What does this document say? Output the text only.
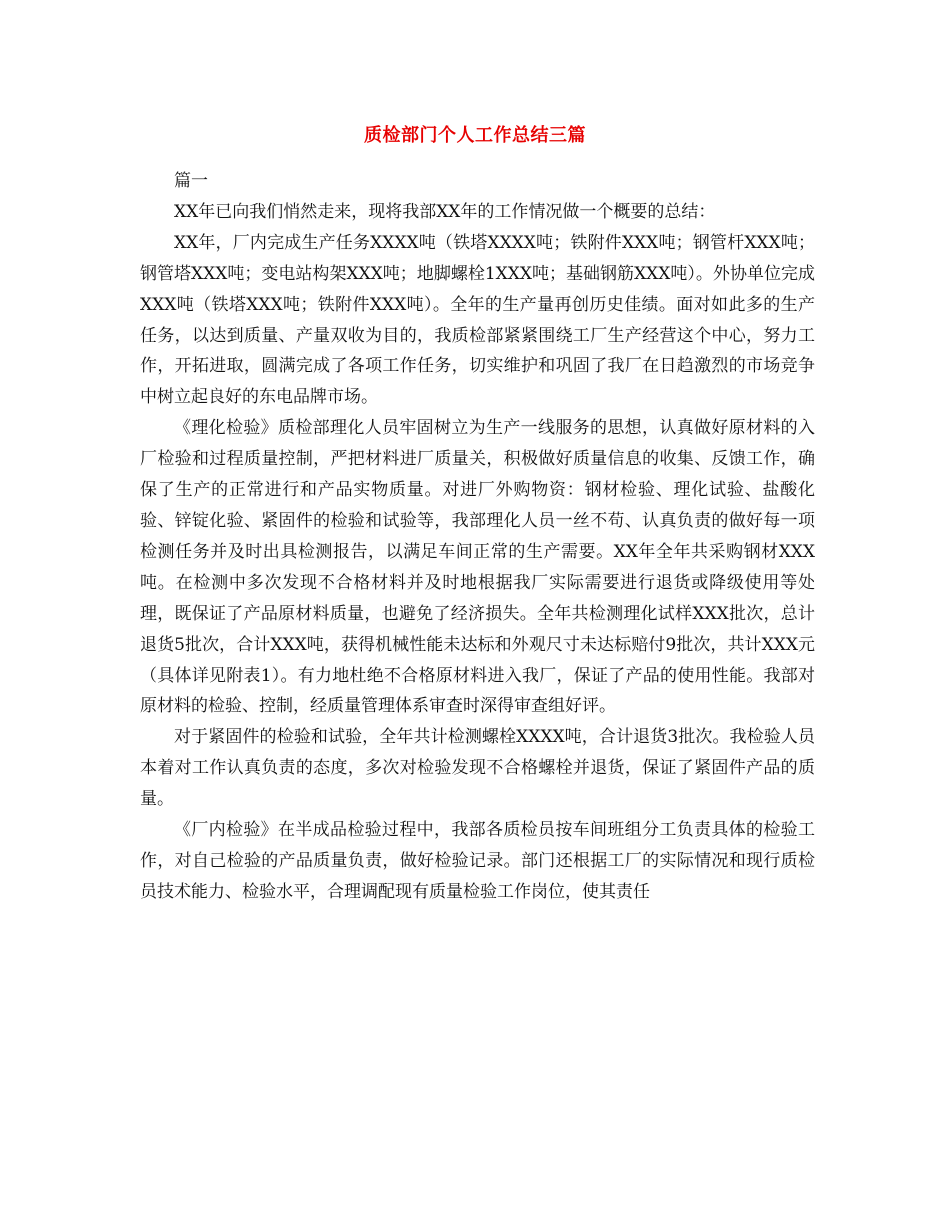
质检部门个人工作总结三篇

篇一

XX年已向我们悄然走来，现将我部XX年的工作情况做一个概要的总结：

XX年，厂内完成生产任务XXXX吨（铁塔XXXX吨；铁附件XXX吨；钢管杆XXX吨；钢管塔XXX吨；变电站构架XXX吨；地脚螺栓1XXX吨；基础钢筋XXX吨）。外协单位完成XXX吨（铁塔XXX吨；铁附件XXX吨）。全年的生产量再创历史佳绩。面对如此多的生产任务，以达到质量、产量双收为目的，我质检部紧紧围绕工厂生产经营这个中心，努力工作，开拓进取，圆满完成了各项工作任务，切实维护和巩固了我厂在日趋激烈的市场竞争中树立起良好的东电品牌市场。

《理化检验》质检部理化人员牢固树立为生产一线服务的思想，认真做好原材料的入厂检验和过程质量控制，严把材料进厂质量关，积极做好质量信息的收集、反馈工作，确保了生产的正常进行和产品实物质量。对进厂外购物资：钢材检验、理化试验、盐酸化验、锌锭化验、紧固件的检验和试验等，我部理化人员一丝不苟、认真负责的做好每一项检测任务并及时出具检测报告，以满足车间正常的生产需要。XX年全年共采购钢材XXX吨。在检测中多次发现不合格材料并及时地根据我厂实际需要进行退货或降级使用等处理，既保证了产品原材料质量，也避免了经济损失。全年共检测理化试样XXX批次，总计退货5批次，合计XXX吨，获得机械性能未达标和外观尺寸未达标赔付9批次，共计XXX元（具体详见附表1）。有力地杜绝不合格原材料进入我厂，保证了产品的使用性能。我部对原材料的检验、控制，经质量管理体系审查时深得审查组好评。

对于紧固件的检验和试验，全年共计检测螺栓XXXX吨，合计退货3批次。我检验人员本着对工作认真负责的态度，多次对检验发现不合格螺栓并退货，保证了紧固件产品的质量。

《厂内检验》在半成品检验过程中，我部各质检员按车间班组分工负责具体的检验工作，对自己检验的产品质量负责，做好检验记录。部门还根据工厂的实际情况和现行质检员技术能力、检验水平，合理调配现有质量检验工作岗位，使其责任
